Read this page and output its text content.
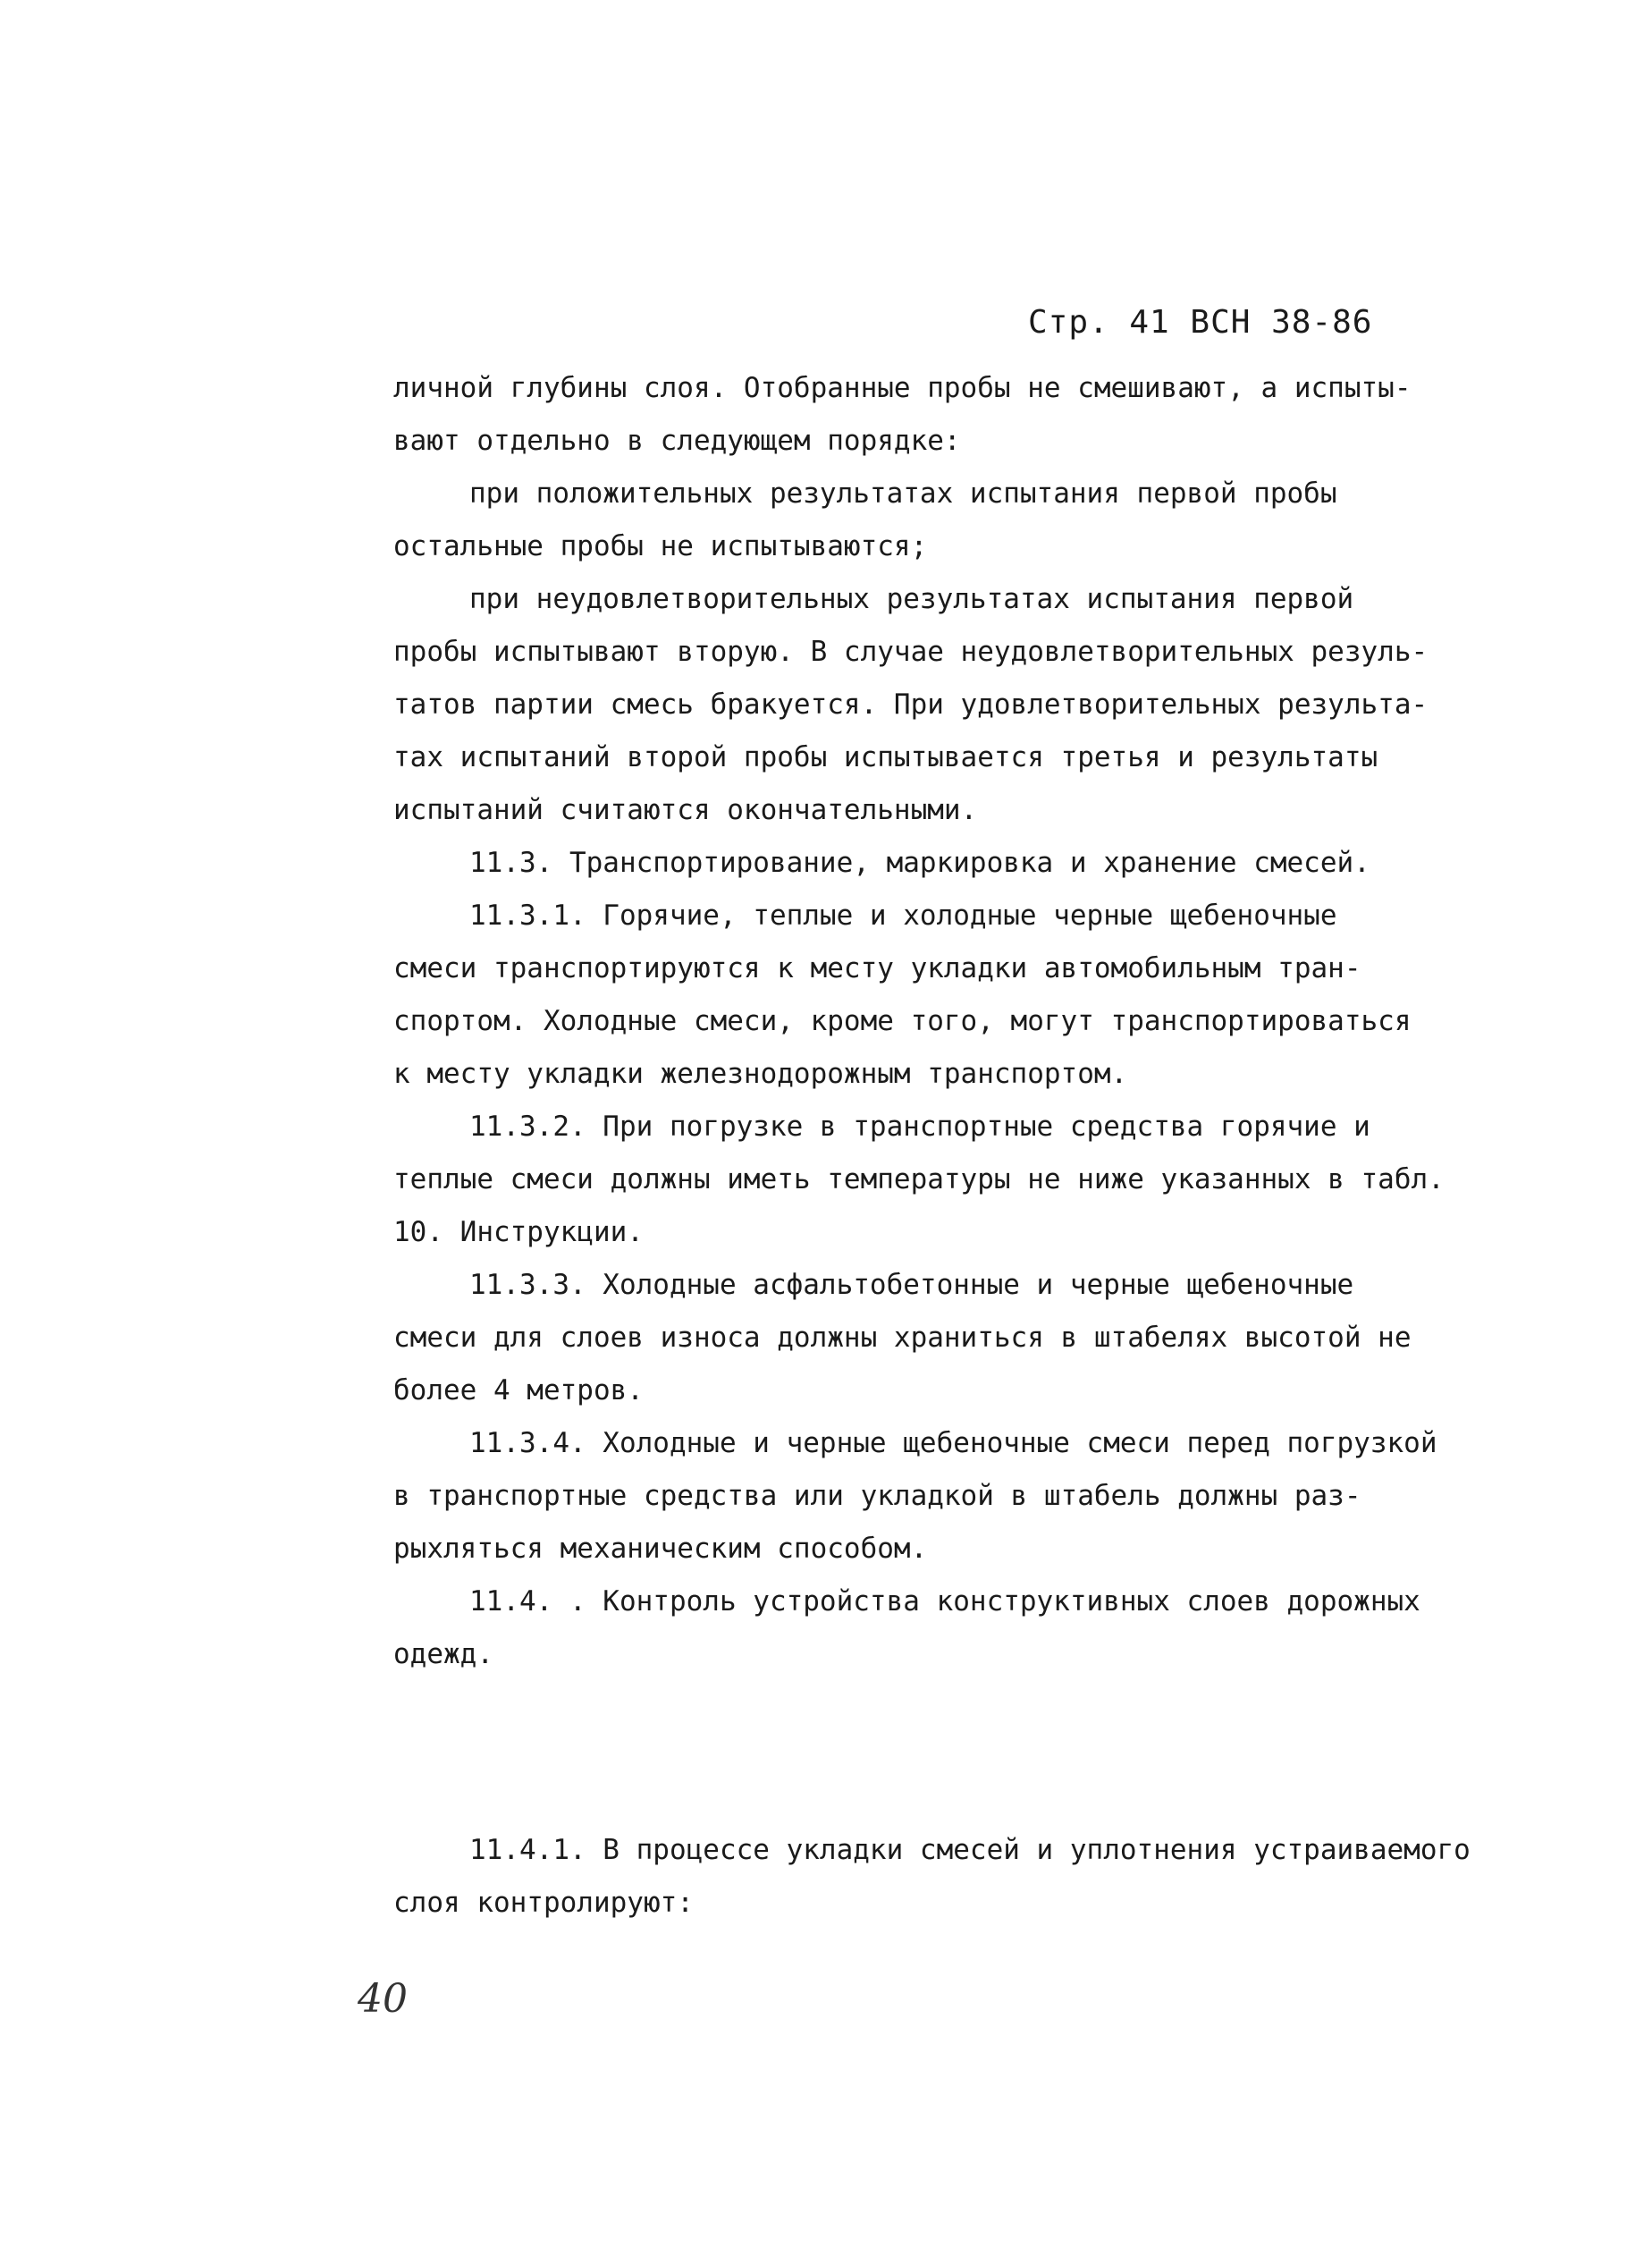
Стр. 41 ВСН 38-86
личной глубины слоя. Отобранные пробы не смешивают, а испыты-
вают отдельно в следующем порядке:
при положительных результатах испытания первой пробы
остальные пробы не испытываются;
при неудовлетворительных результатах испытания первой
пробы испытывают вторую. В случае неудовлетворительных резуль-
татов партии смесь бракуется. При удовлетворительных результа-
тах испытаний второй пробы испытывается третья и результаты
испытаний считаются окончательными.
11.3. Транспортирование, маркировка и хранение смесей.
11.3.1. Горячие, теплые и холодные черные щебеночные
смеси транспортируются к месту укладки автомобильным тран-
спортом. Холодные смеси, кроме того, могут транспортироваться
к месту укладки железнодорожным транспортом.
11.3.2. При погрузке в транспортные средства горячие и
теплые смеси должны иметь температуры не ниже указанных в табл.
10. Инструкции.
11.3.3. Холодные асфальтобетонные и черные щебеночные
смеси для слоев износа должны храниться в штабелях высотой не
более 4 метров.
11.3.4. Холодные и черные щебеночные смеси перед погрузкой
в транспортные средства или укладкой в штабель должны раз-
рыхляться механическим способом.
11.4. . Контроль устройства конструктивных слоев дорожных
одежд.
11.4.1. В процессе укладки смесей и уплотнения устраиваемого
слоя контролируют:
40
